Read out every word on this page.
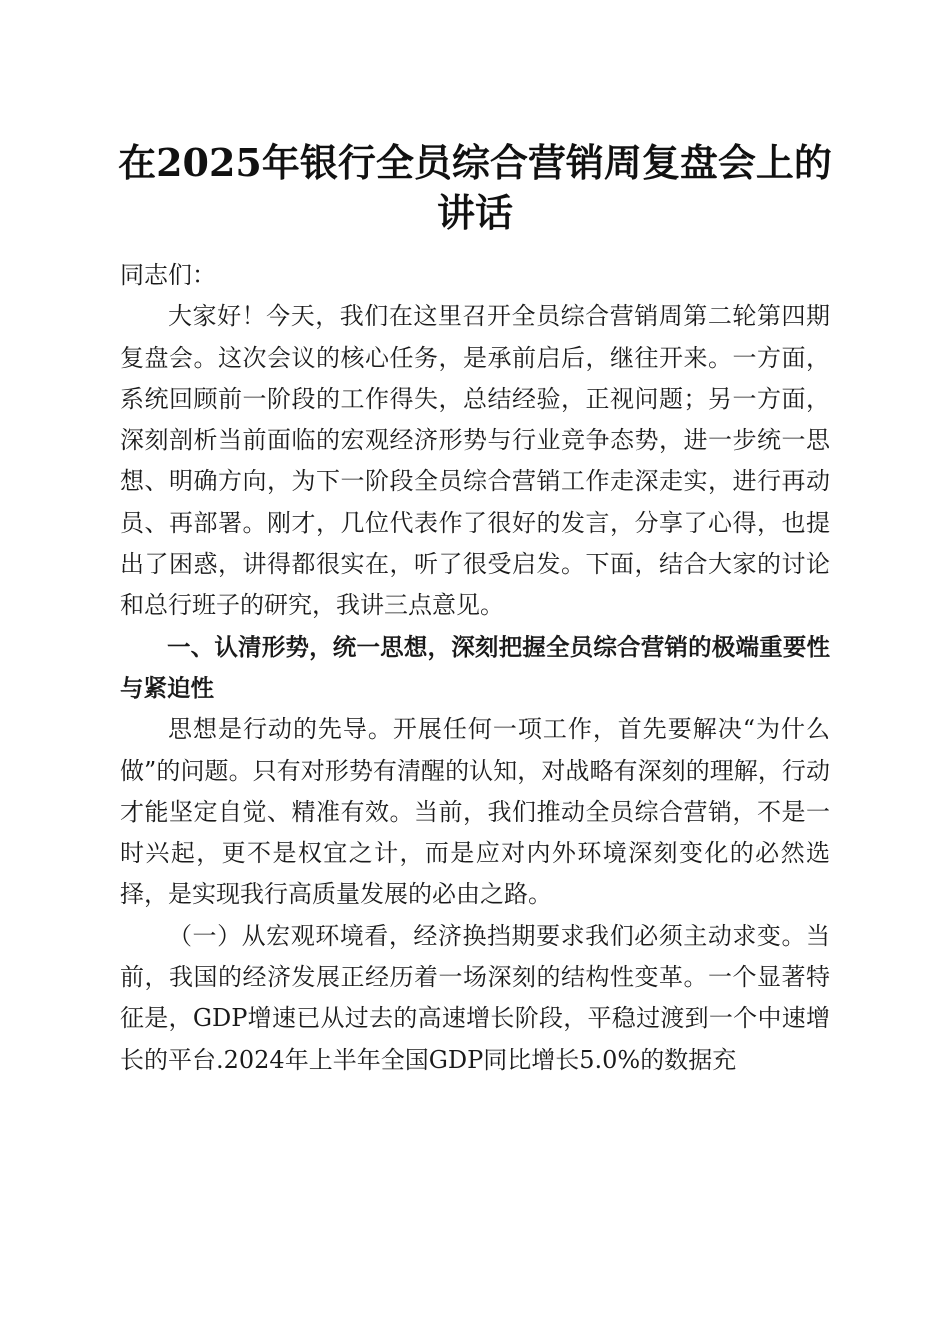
在2025年银行全员综合营销周复盘会上的讲话

同志们：

大家好！今天，我们在这里召开全员综合营销周第二轮第四期复盘会。这次会议的核心任务，是承前启后，继往开来。一方面，系统回顾前一阶段的工作得失，总结经验，正视问题；另一方面，深刻剖析当前面临的宏观经济形势与行业竞争态势，进一步统一思想、明确方向，为下一阶段全员综合营销工作走深走实，进行再动员、再部署。刚才，几位代表作了很好的发言，分享了心得，也提出了困惑，讲得都很实在，听了很受启发。下面，结合大家的讨论和总行班子的研究，我讲三点意见。

一、认清形势，统一思想，深刻把握全员综合营销的极端重要性与紧迫性

思想是行动的先导。开展任何一项工作，首先要解决“为什么做”的问题。只有对形势有清醒的认知，对战略有深刻的理解，行动才能坚定自觉、精准有效。当前，我们推动全员综合营销，不是一时兴起，更不是权宜之计，而是应对内外环境深刻变化的必然选择，是实现我行高质量发展的必由之路。

（一）从宏观环境看，经济换挡期要求我们必须主动求变。当前，我国的经济发展正经历着一场深刻的结构性变革。一个显著特征是，GDP增速已从过去的高速增长阶段，平稳过渡到一个中速增长的平台.2024年上半年全国GDP同比增长5.0%的数据充
